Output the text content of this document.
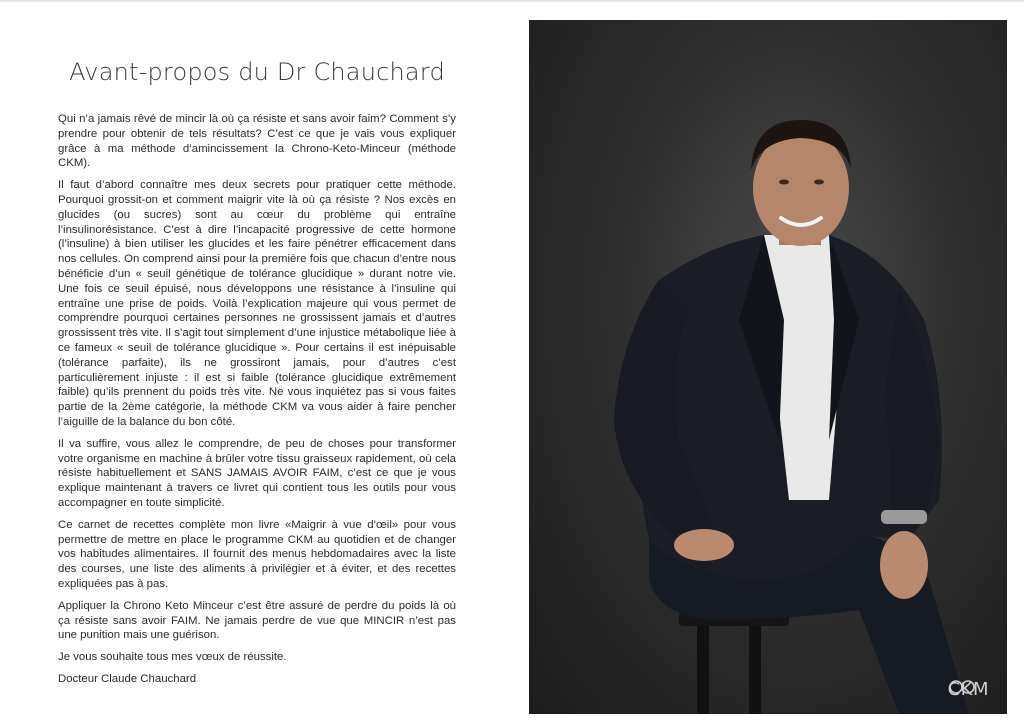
Avant-propos du Dr Chauchard

Qui n’a jamais rêvé de mincir là où ça résiste et sans avoir faim? Comment s’y prendre pour obtenir de tels résultats? C’est ce que je vais vous expliquer grâce à ma méthode d’amincissement la Chrono-Keto-Minceur (méthode CKM).

Il faut d’abord connaître mes deux secrets pour pratiquer cette méthode. Pourquoi grossit-on et comment maigrir vite là où ça résiste ? Nos excès en glucides (ou sucres) sont au cœur du problème qui entraîne l’insulinorésistance. C’est à dire l’incapacité progressive de cette hormone (l’insuline) à bien utiliser les glucides et les faire pénétrer efficacement dans nos cellules. On comprend ainsi pour la première fois que chacun d’entre nous bénéficie d’un « seuil génétique de tolérance glucidique » durant notre vie. Une fois ce seuil épuisé, nous développons une résistance à l’insuline qui entraîne une prise de poids. Voilà l’explication majeure qui vous permet de comprendre pourquoi certaines personnes ne grossissent jamais et d’autres grossissent très vite. Il s’agit tout simplement d’une injustice métabolique liée à ce fameux « seuil de tolérance glucidique ». Pour certains il est inépuisable (tolérance parfaite), ils ne grossiront jamais, pour d’autres c’est particulièrement injuste : il est si faible (tolérance glucidique extrêmement faible) qu’ils prennent du poids très vite. Ne vous inquiétez pas si vous faites partie de la 2ème catégorie, la méthode CKM va vous aider à faire pencher l’aiguille de la balance du bon côté.

Il va suffire, vous allez le comprendre, de peu de choses pour transformer votre organisme en machine à brûler votre tissu graisseux rapidement, où cela résiste habituellement et SANS JAMAIS AVOIR FAIM, c’est ce que je vous explique maintenant à travers ce livret qui contient tous les outils pour vous accompagner en toute simplicité.

Ce carnet de recettes complète mon livre «Maigrir à vue d’œil» pour vous permettre de mettre en place le programme CKM au quotidien et de changer vos habitudes alimentaires. Il fournit des menus hebdomadaires avec la liste des courses, une liste des aliments à privilégier et à éviter, et des recettes expliquées pas à pas.

Appliquer la Chrono Keto Minceur c’est être assuré de perdre du poids là où ça résiste sans avoir FAIM. Ne jamais perdre de vue que MINCIR n’est pas une punition mais une guérison.

Je vous souhaite tous mes vœux de réussite.

Docteur Claude Chauchard

CKM
